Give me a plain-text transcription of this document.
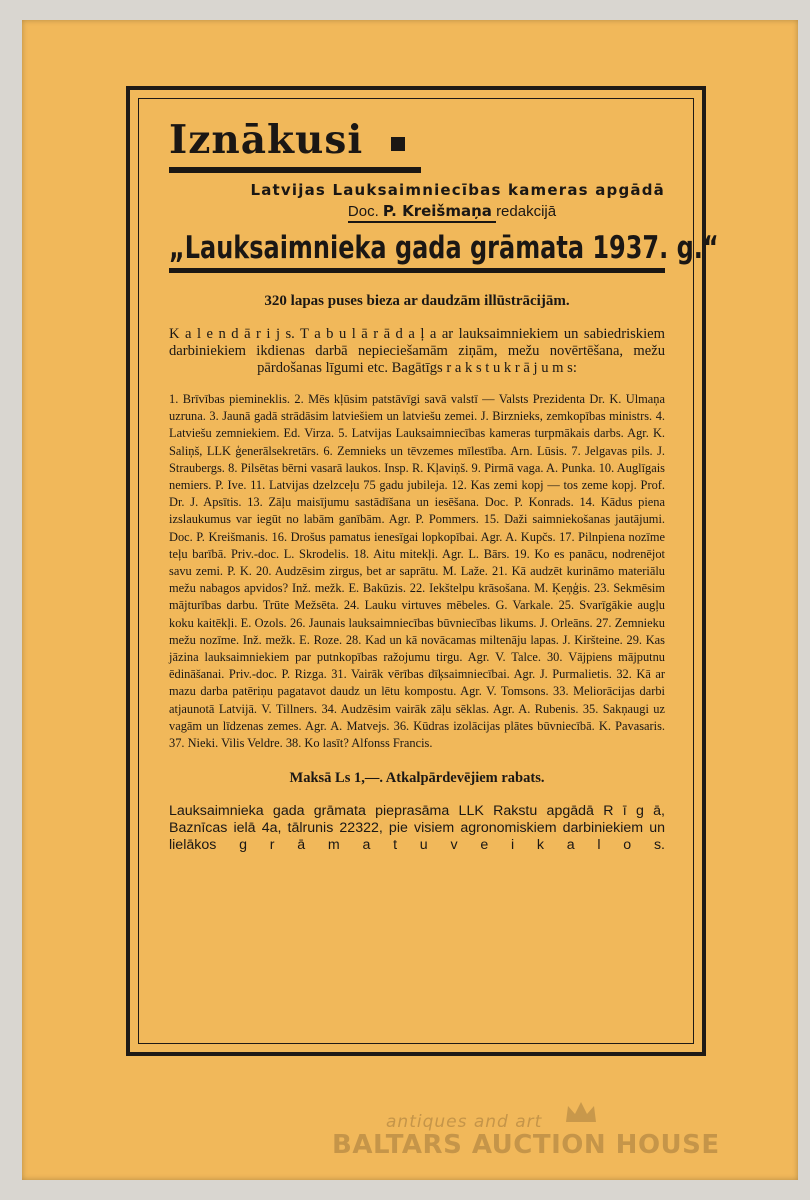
Iznākusi
Latvijas Lauksaimniecības kameras apgādā
Doc. P. Kreišmaņa redakcijā
„Lauksaimnieka gada grāmata 1937. g.“
320 lapas puses bieza ar daudzām illūstrācijām.
K a l e n d ā r i j s. T a b u l ā r ā d a ļ a ar lauksaimniekiem un sabiedriskiem darbiniekiem ikdienas darbā nepieciešamām ziņām, mežu novērtēšana, mežu pārdošanas līgumi etc. Bagātīgs r a k s t u k r ā j u m s:
1. Brīvības piemineklis. 2. Mēs kļūsim patstāvīgi savā valstī — Valsts Prezidenta Dr. K. Ulmaņa uzruna. 3. Jaunā gadā strādāsim latviešiem un latviešu zemei. J. Birznieks, zemkopības ministrs. 4. Latviešu zemniekiem. Ed. Virza. 5. Latvijas Lauksaimniecības kameras turpmākais darbs. Agr. K. Saliņš, LLK ģenerālsekretārs. 6. Zemnieks un tēvzemes mīlestība. Arn. Lūsis. 7. Jelgavas pils. J. Straubergs. 8. Pilsētas bērni vasarā laukos. Insp. R. Kļaviņš. 9. Pirmā vaga. A. Punka. 10. Auglīgais nemiers. P. Ive. 11. Latvijas dzelzceļu 75 gadu jubileja. 12. Kas zemi kopj — tos zeme kopj. Prof. Dr. J. Apsītis. 13. Zāļu maisījumu sastādīšana un iesēšana. Doc. P. Konrads. 14. Kādus piena izslaukumus var iegūt no labām ganībām. Agr. P. Pommers. 15. Daži saimniekošanas jautājumi. Doc. P. Kreišmanis. 16. Drošus pamatus ienesīgai lopkopībai. Agr. A. Kupčs. 17. Pilnpiena nozīme teļu barībā. Priv.-doc. L. Skrodelis. 18. Aitu mitekļi. Agr. L. Bārs. 19. Ko es panācu, nodrenējot savu zemi. P. K. 20. Audzēsim zirgus, bet ar saprātu. M. Laže. 21. Kā audzēt kurināmo materiālu mežu nabagos apvidos? Inž. mežk. E. Bakūzis. 22. Iekštelpu krāsošana. M. Ķeņģis. 23. Sekmēsim mājturības darbu. Trūte Mežsēta. 24. Lauku virtuves mēbeles. G. Varkale. 25. Svarīgākie augļu koku kaitēkļi. E. Ozols. 26. Jaunais lauksaimniecības būvniecības likums. J. Orleāns. 27. Zemnieku mežu nozīme. Inž. mežk. E. Roze. 28. Kad un kā novācamas miltenāju lapas. J. Kiršteine. 29. Kas jāzina lauksaimniekiem par putnkopības ražojumu tirgu. Agr. V. Talce. 30. Vājpiens mājputnu ēdināšanai. Priv.-doc. P. Rizga. 31. Vairāk vērības dīķsaimniecībai. Agr. J. Purmalietis. 32. Kā ar mazu darba patēriņu pagatavot daudz un lētu kompostu. Agr. V. Tomsons. 33. Meliorācijas darbi atjaunotā Latvijā. V. Tillners. 34. Audzēsim vairāk zāļu sēklas. Agr. A. Rubenis. 35. Sakņaugi uz vagām un līdzenas zemes. Agr. A. Matvejs. 36. Kūdras izolācijas plātes būvniecībā. K. Pavasaris. 37. Nieki. Vilis Veldre. 38. Ko lasīt? Alfonss Francis.
Maksā Ls 1,—. Atkalpārdevējiem rabats.
Lauksaimnieka gada grāmata pieprasāma LLK Rakstu apgādā R ī g ā, Baznīcas ielā 4a, tālrunis 22322, pie visiem agronomiskiem darbiniekiem un lielākos g r ā m a t u v e i k a l o s.
antiques and art
BALTARS AUCTION HOUSE
